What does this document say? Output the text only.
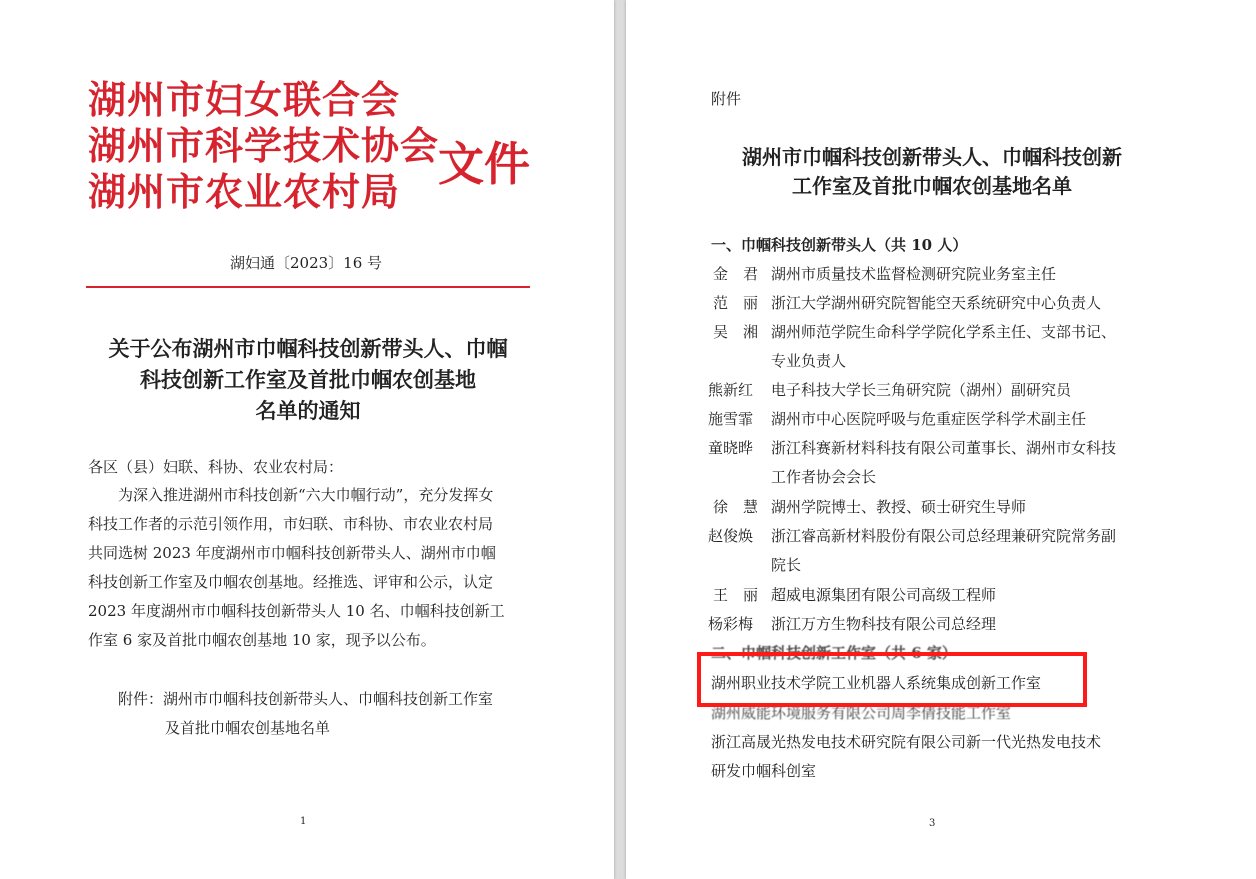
湖州市妇女联合会
湖州市科学技术协会
湖州市农业农村局
文件
湖妇通〔2023〕16 号
关于公布湖州市巾帼科技创新带头人、巾帼
科技创新工作室及首批巾帼农创基地
名单的通知
各区（县）妇联、科协、农业农村局：
为深入推进湖州市科技创新“六大巾帼行动”，充分发挥女
科技工作者的示范引领作用，市妇联、市科协、市农业农村局
共同选树 2023 年度湖州市巾帼科技创新带头人、湖州市巾帼
科技创新工作室及巾帼农创基地。经推选、评审和公示，认定
2023 年度湖州市巾帼科技创新带头人 10 名、巾帼科技创新工
作室 6 家及首批巾帼农创基地 10 家，现予以公布。
附件：湖州市巾帼科技创新带头人、巾帼科技创新工作室
及首批巾帼农创基地名单
1
附件
湖州市巾帼科技创新带头人、巾帼科技创新
工作室及首批巾帼农创基地名单
一、巾帼科技创新带头人（共 10 人）
金　君 湖州市质量技术监督检测研究院业务室主任
范　丽 浙江大学湖州研究院智能空天系统研究中心负责人
吴　湘 湖州师范学院生命科学学院化学系主任、支部书记、
专业负责人
熊新红 电子科技大学长三角研究院（湖州）副研究员
施雪霏 湖州市中心医院呼吸与危重症医学科学术副主任
童晓晔 浙江科赛新材料科技有限公司董事长、湖州市女科技
工作者协会会长
徐　慧 湖州学院博士、教授、硕士研究生导师
赵俊焕 浙江睿高新材料股份有限公司总经理兼研究院常务副
院长
王　丽 超威电源集团有限公司高级工程师
杨彩梅 浙江万方生物科技有限公司总经理
二、巾帼科技创新工作室（共 6 家）
湖州职业技术学院工业机器人系统集成创新工作室
湖州威能环境服务有限公司周李倩技能工作室
浙江高晟光热发电技术研究院有限公司新一代光热发电技术
研发巾帼科创室
3
